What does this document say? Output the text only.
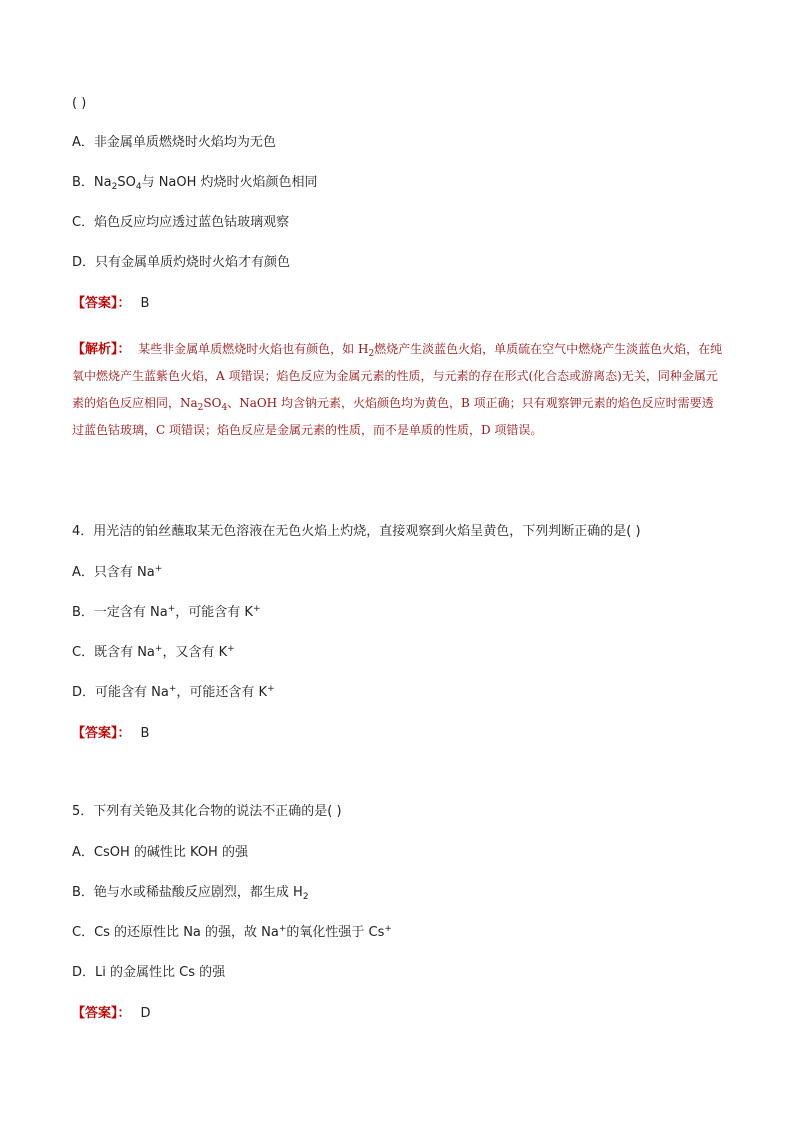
( )
A．非金属单质燃烧时火焰均为无色
B．$Na_2SO_4$与 NaOH 灼烧时火焰颜色相同
C．焰色反应均应透过蓝色钴玻璃观察
D．只有金属单质灼烧时火焰才有颜色
【答案】： B
【解析】： 某些非金属单质燃烧时火焰也有颜色，如 $H_2$燃烧产生淡蓝色火焰，单质硫在空气中燃烧产生淡蓝色火焰，在纯氧中燃烧产生蓝紫色火焰，A 项错误；焰色反应为金属元素的性质，与元素的存在形式(化合态或游离态)无关，同种金属元素的焰色反应相同，$Na_2SO_4$、NaOH 均含钠元素，火焰颜色均为黄色，B 项正确；只有观察钾元素的焰色反应时需要透过蓝色钴玻璃，C 项错误；焰色反应是金属元素的性质，而不是单质的性质，D 项错误。
4．用光洁的铂丝蘸取某无色溶液在无色火焰上灼烧，直接观察到火焰呈黄色，下列判断正确的是( )
A．只含有 Na+
B．一定含有 Na+，可能含有 K+
C．既含有 Na+，又含有 K+
D．可能含有 Na+，可能还含有 K+
【答案】： B
5．下列有关铯及其化合物的说法不正确的是( )
A．CsOH 的碱性比 KOH 的强
B．铯与水或稀盐酸反应剧烈，都生成 $H_2$
C．Cs 的还原性比 Na 的强，故 Na+的氧化性强于 Cs+
D．Li 的金属性比 Cs 的强
【答案】： D
